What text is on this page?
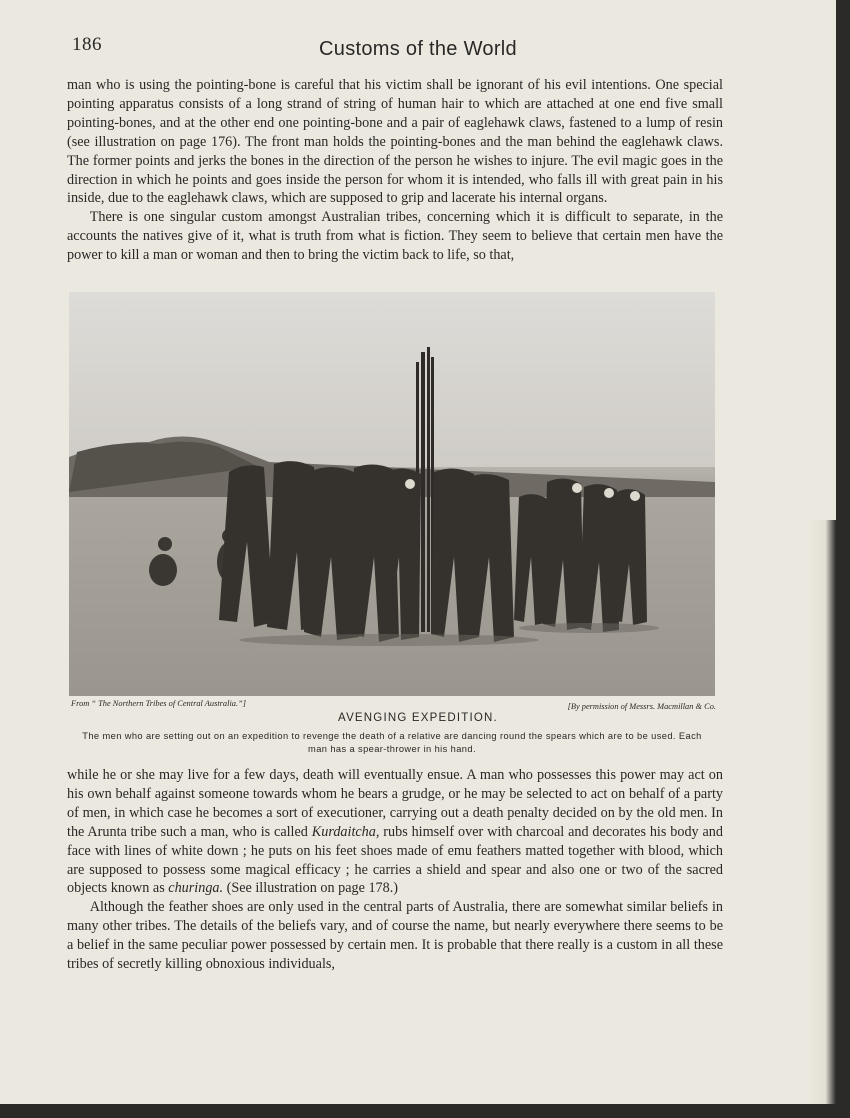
186	Customs of the World

man who is using the pointing-bone is careful that his victim shall be ignorant of his evil intentions. One special pointing apparatus consists of a long strand of string of human hair to which are attached at one end five small pointing-bones, and at the other end one pointing-bone and a pair of eaglehawk claws, fastened to a lump of resin (see illustration on page 176). The front man holds the pointing-bones and the man behind the eaglehawk claws. The former points and jerks the bones in the direction of the person he wishes to injure. The evil magic goes in the direction in which he points and goes inside the person for whom it is intended, who falls ill with great pain in his inside, due to the eaglehawk claws, which are supposed to grip and lacerate his internal organs.

There is one singular custom amongst Australian tribes, concerning which it is difficult to separate, in the accounts the natives give of it, what is truth from what is fiction. They seem to believe that certain men have the power to kill a man or woman and then to bring the victim back to life, so that,

From “ The Northern Tribes of Central Australia.”]	[By permission of Messrs. Macmillan & Co.
AVENGING EXPEDITION.
The men who are setting out on an expedition to revenge the death of a relative are dancing round the spears which are to be used. Each man has a spear-thrower in his hand.

while he or she may live for a few days, death will eventually ensue. A man who possesses this power may act on his own behalf against someone towards whom he bears a grudge, or he may be selected to act on behalf of a party of men, in which case he becomes a sort of executioner, carrying out a death penalty decided on by the old men. In the Arunta tribe such a man, who is called Kurdaitcha, rubs himself over with charcoal and decorates his body and face with lines of white down ; he puts on his feet shoes made of emu feathers matted together with blood, which are supposed to possess some magical efficacy ; he carries a shield and spear and also one or two of the sacred objects known as churinga. (See illustration on page 178.)

Although the feather shoes are only used in the central parts of Australia, there are somewhat similar beliefs in many other tribes. The details of the beliefs vary, and of course the name, but nearly everywhere there seems to be a belief in the same peculiar power possessed by certain men. It is probable that there really is a custom in all these tribes of secretly killing obnoxious individuals,
